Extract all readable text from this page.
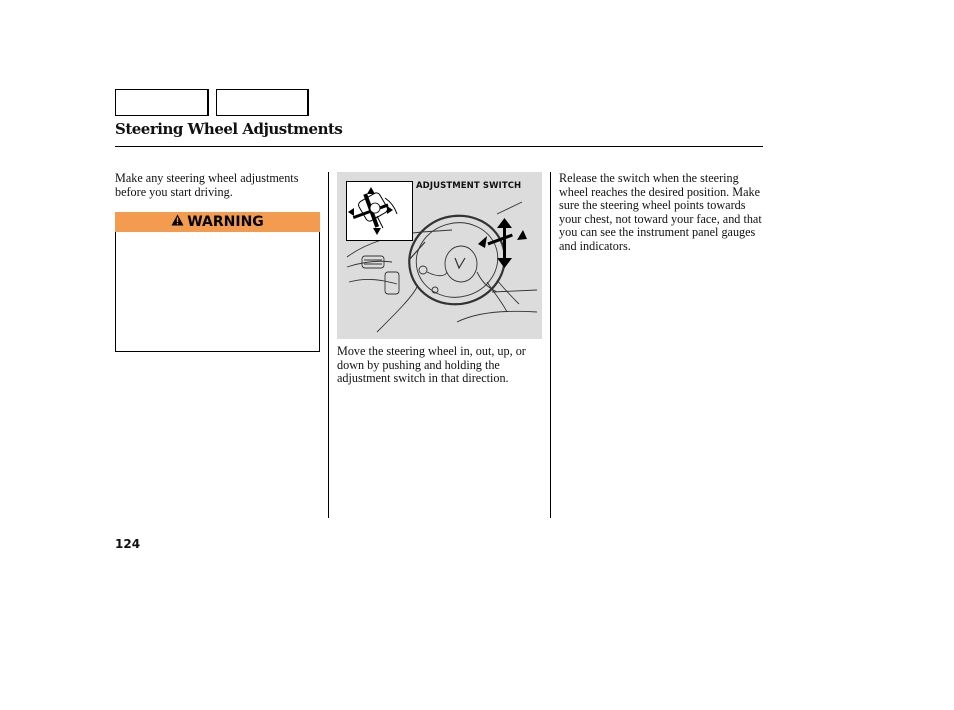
Steering Wheel Adjustments
Make any steering wheel adjustments before you start driving.
WARNING
ADJUSTMENT SWITCH
Move the steering wheel in, out, up, or down by pushing and holding the adjustment switch in that direction.
Release the switch when the steering wheel reaches the desired position. Make sure the steering wheel points towards your chest, not toward your face, and that you can see the instrument panel gauges and indicators.
124
